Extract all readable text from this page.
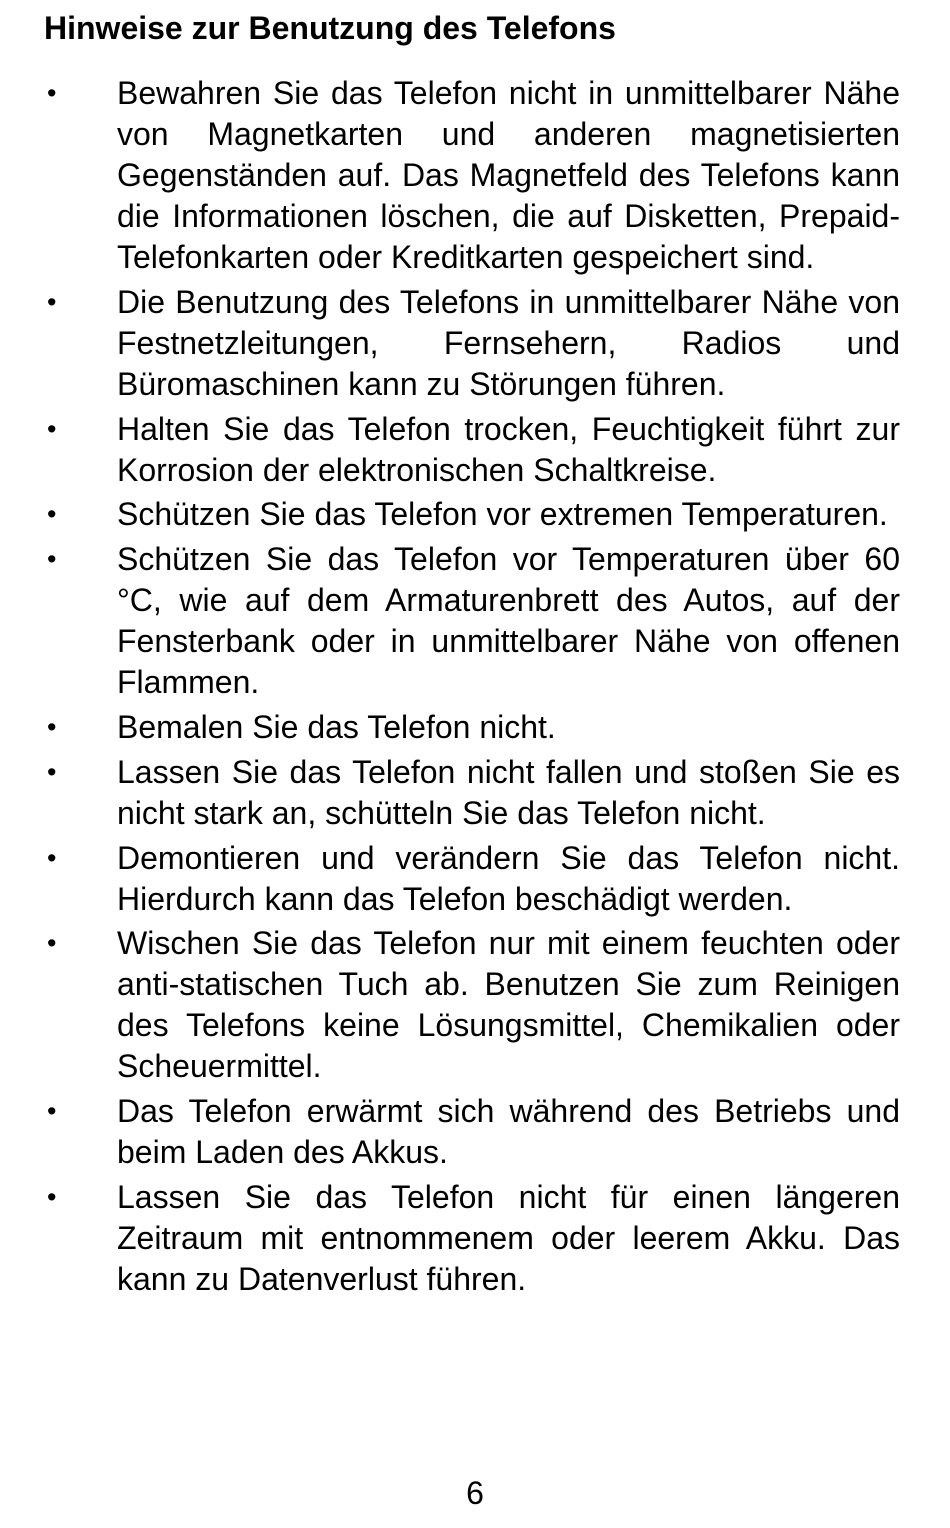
Hinweise zur Benutzung des Telefons
• Bewahren Sie das Telefon nicht in unmittelbarer Nähe von Magnetkarten und anderen magnetisierten Gegenständen auf. Das Magnetfeld des Telefons kann die Informationen löschen, die auf Disketten, Prepaid-Telefonkarten oder Kreditkarten gespeichert sind.
• Die Benutzung des Telefons in unmittelbarer Nähe von Festnetzleitungen, Fernsehern, Radios und Büromaschinen kann zu Störungen führen.
• Halten Sie das Telefon trocken, Feuchtigkeit führt zur Korrosion der elektronischen Schaltkreise.
• Schützen Sie das Telefon vor extremen Temperaturen.
• Schützen Sie das Telefon vor Temperaturen über 60 °C, wie auf dem Armaturenbrett des Autos, auf der Fensterbank oder in unmittelbarer Nähe von offenen Flammen.
• Bemalen Sie das Telefon nicht.
• Lassen Sie das Telefon nicht fallen und stoßen Sie es nicht stark an, schütteln Sie das Telefon nicht.
• Demontieren und verändern Sie das Telefon nicht. Hierdurch kann das Telefon beschädigt werden.
• Wischen Sie das Telefon nur mit einem feuchten oder anti-statischen Tuch ab. Benutzen Sie zum Reinigen des Telefons keine Lösungsmittel, Chemikalien oder Scheuermittel.
• Das Telefon erwärmt sich während des Betriebs und beim Laden des Akkus.
• Lassen Sie das Telefon nicht für einen längeren Zeitraum mit entnommenem oder leerem Akku. Das kann zu Datenverlust führen.
6
